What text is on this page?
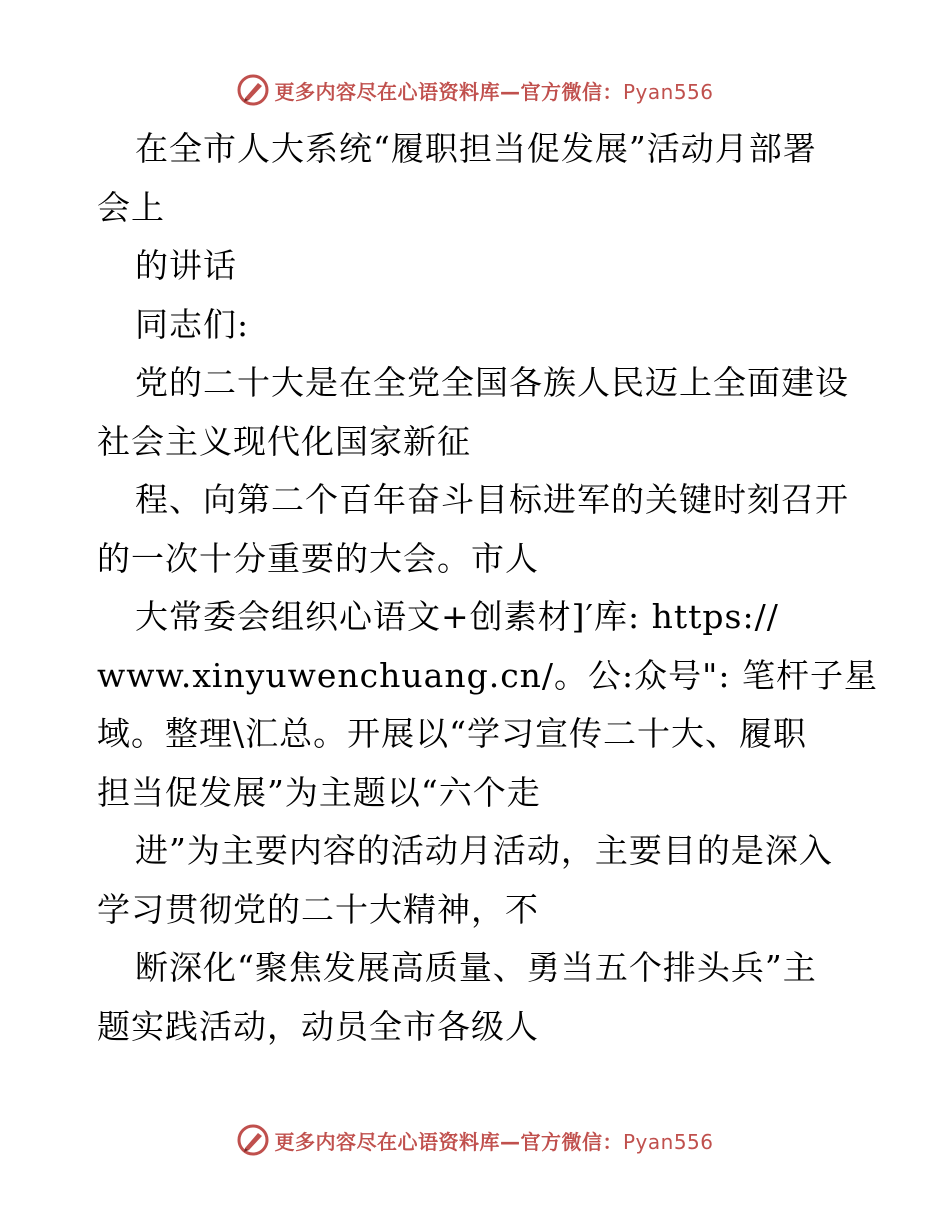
更多内容尽在心语资料库—官方微信：Pyan556
在全市人大系统“履职担当促发展”活动月部署
会上
的讲话
同志们:
党的二十大是在全党全国各族人民迈上全面建设
社会主义现代化国家新征
程、向第二个百年奋斗目标进军的关键时刻召开
的一次十分重要的大会。市人
大常委会组织心语文+创素材]′库: https://
www.xinyuwenchuang.cn/。公:众号": 笔杆子星
域。整理\汇总。开展以“学习宣传二十大、履职
担当促发展”为主题以“六个走
进”为主要内容的活动月活动，主要目的是深入
学习贯彻党的二十大精神，不
断深化“聚焦发展高质量、勇当五个排头兵”主
题实践活动，动员全市各级人
更多内容尽在心语资料库—官方微信：Pyan556
